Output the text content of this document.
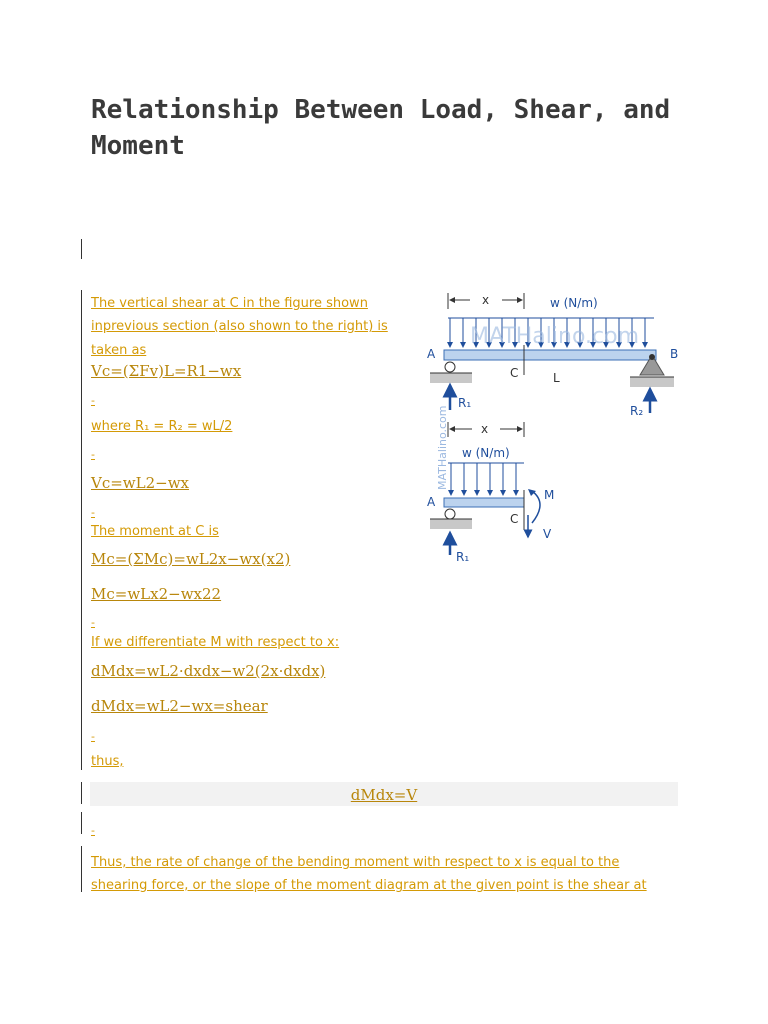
Relationship Between Load, Shear, and Moment
The vertical shear at C in the figure shown
inprevious section (also shown to the right) is
taken as
Vc=(ΣFv)L=R1−wx
-
where R₁ = R₂ = wL/2
-
Vc=wL2−wx
-
The moment at C is
Mc=(ΣMc)=wL2x−wx(x2)
Mc=wLx2−wx22
-
If we differentiate M with respect to x:
dMdx=wL2·dxdx−w2(2x·dxdx)
dMdx=wL2−wx=shear
-
thus,
dMdx=V
-
Thus, the rate of change of the bending moment with respect to x is equal to the
shearing force, or the slope of the moment diagram at the given point is the shear at
x	w (N/m)
MATHalino.com
A	B
C	L
R₁
R₂
MATHalino.com	x
w (N/m)
A
C
M
V
R₁
